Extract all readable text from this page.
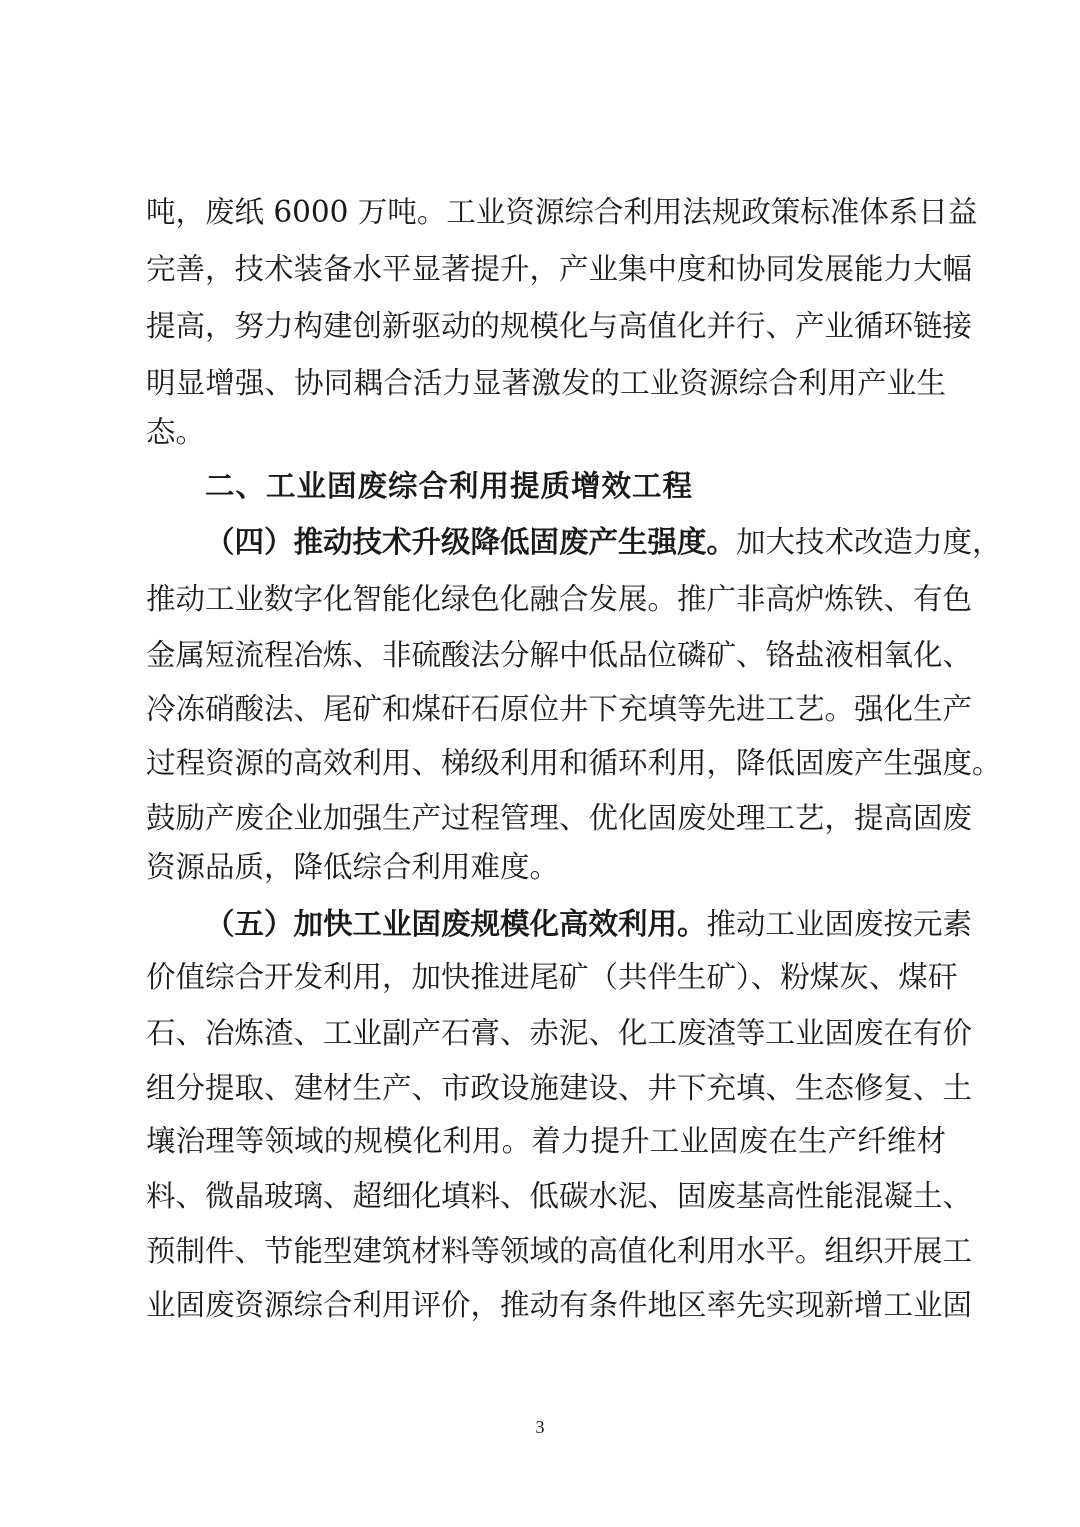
吨，废纸 6000 万吨。工业资源综合利用法规政策标准体系日益
完善，技术装备水平显著提升，产业集中度和协同发展能力大幅
提高，努力构建创新驱动的规模化与高值化并行、产业循环链接
明显增强、协同耦合活力显著激发的工业资源综合利用产业生
态。
二、工业固废综合利用提质增效工程
（四）推动技术升级降低固废产生强度。加大技术改造力度，
推动工业数字化智能化绿色化融合发展。推广非高炉炼铁、有色
金属短流程冶炼、非硫酸法分解中低品位磷矿、铬盐液相氧化、
冷冻硝酸法、尾矿和煤矸石原位井下充填等先进工艺。强化生产
过程资源的高效利用、梯级利用和循环利用，降低固废产生强度。
鼓励产废企业加强生产过程管理、优化固废处理工艺，提高固废
资源品质，降低综合利用难度。
（五）加快工业固废规模化高效利用。推动工业固废按元素
价值综合开发利用，加快推进尾矿（共伴生矿）、粉煤灰、煤矸
石、冶炼渣、工业副产石膏、赤泥、化工废渣等工业固废在有价
组分提取、建材生产、市政设施建设、井下充填、生态修复、土
壤治理等领域的规模化利用。着力提升工业固废在生产纤维材
料、微晶玻璃、超细化填料、低碳水泥、固废基高性能混凝土、
预制件、节能型建筑材料等领域的高值化利用水平。组织开展工
业固废资源综合利用评价，推动有条件地区率先实现新增工业固
3
